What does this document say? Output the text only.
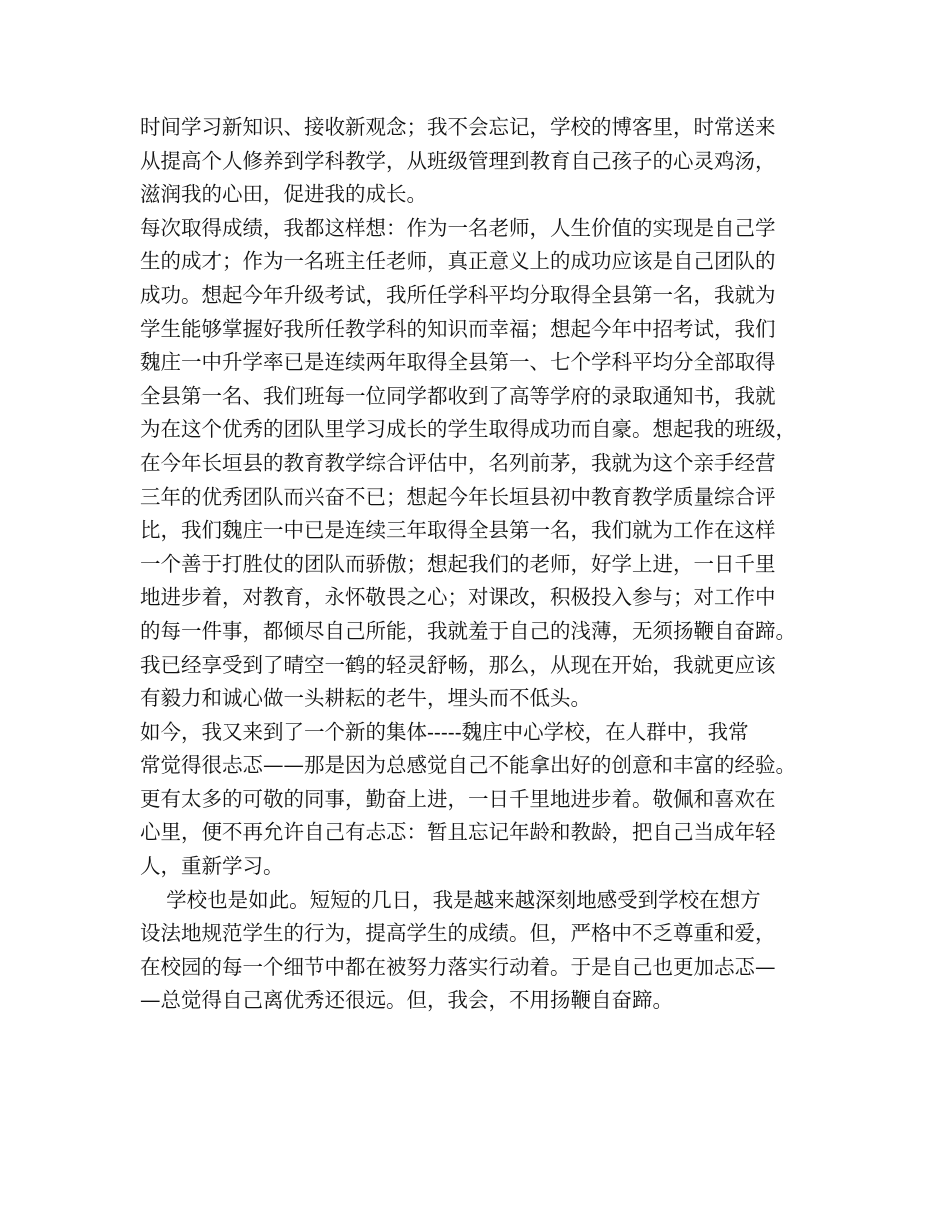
时间学习新知识、接收新观念；我不会忘记，学校的博客里，时常送来
从提高个人修养到学科教学，从班级管理到教育自己孩子的心灵鸡汤，
滋润我的心田，促进我的成长。
每次取得成绩，我都这样想：作为一名老师，人生价值的实现是自己学
生的成才；作为一名班主任老师，真正意义上的成功应该是自己团队的
成功。想起今年升级考试，我所任学科平均分取得全县第一名，我就为
学生能够掌握好我所任教学科的知识而幸福；想起今年中招考试，我们
魏庄一中升学率已是连续两年取得全县第一、七个学科平均分全部取得
全县第一名、我们班每一位同学都收到了高等学府的录取通知书，我就
为在这个优秀的团队里学习成长的学生取得成功而自豪。想起我的班级，
在今年长垣县的教育教学综合评估中，名列前茅，我就为这个亲手经营
三年的优秀团队而兴奋不已；想起今年长垣县初中教育教学质量综合评
比，我们魏庄一中已是连续三年取得全县第一名，我们就为工作在这样
一个善于打胜仗的团队而骄傲；想起我们的老师，好学上进，一日千里
地进步着，对教育，永怀敬畏之心；对课改，积极投入参与；对工作中
的每一件事，都倾尽自己所能，我就羞于自己的浅薄，无须扬鞭自奋蹄。
我已经享受到了晴空一鹤的轻灵舒畅，那么，从现在开始，我就更应该
有毅力和诚心做一头耕耘的老牛，埋头而不低头。
如今，我又来到了一个新的集体-----魏庄中心学校，在人群中，我常
常觉得很忐忑——那是因为总感觉自己不能拿出好的创意和丰富的经验。
更有太多的可敬的同事，勤奋上进，一日千里地进步着。敬佩和喜欢在
心里，便不再允许自己有忐忑：暂且忘记年龄和教龄，把自己当成年轻
人，重新学习。
学校也是如此。短短的几日，我是越来越深刻地感受到学校在想方
设法地规范学生的行为，提高学生的成绩。但，严格中不乏尊重和爱，
在校园的每一个细节中都在被努力落实行动着。于是自己也更加忐忑—
—总觉得自己离优秀还很远。但，我会，不用扬鞭自奋蹄。
